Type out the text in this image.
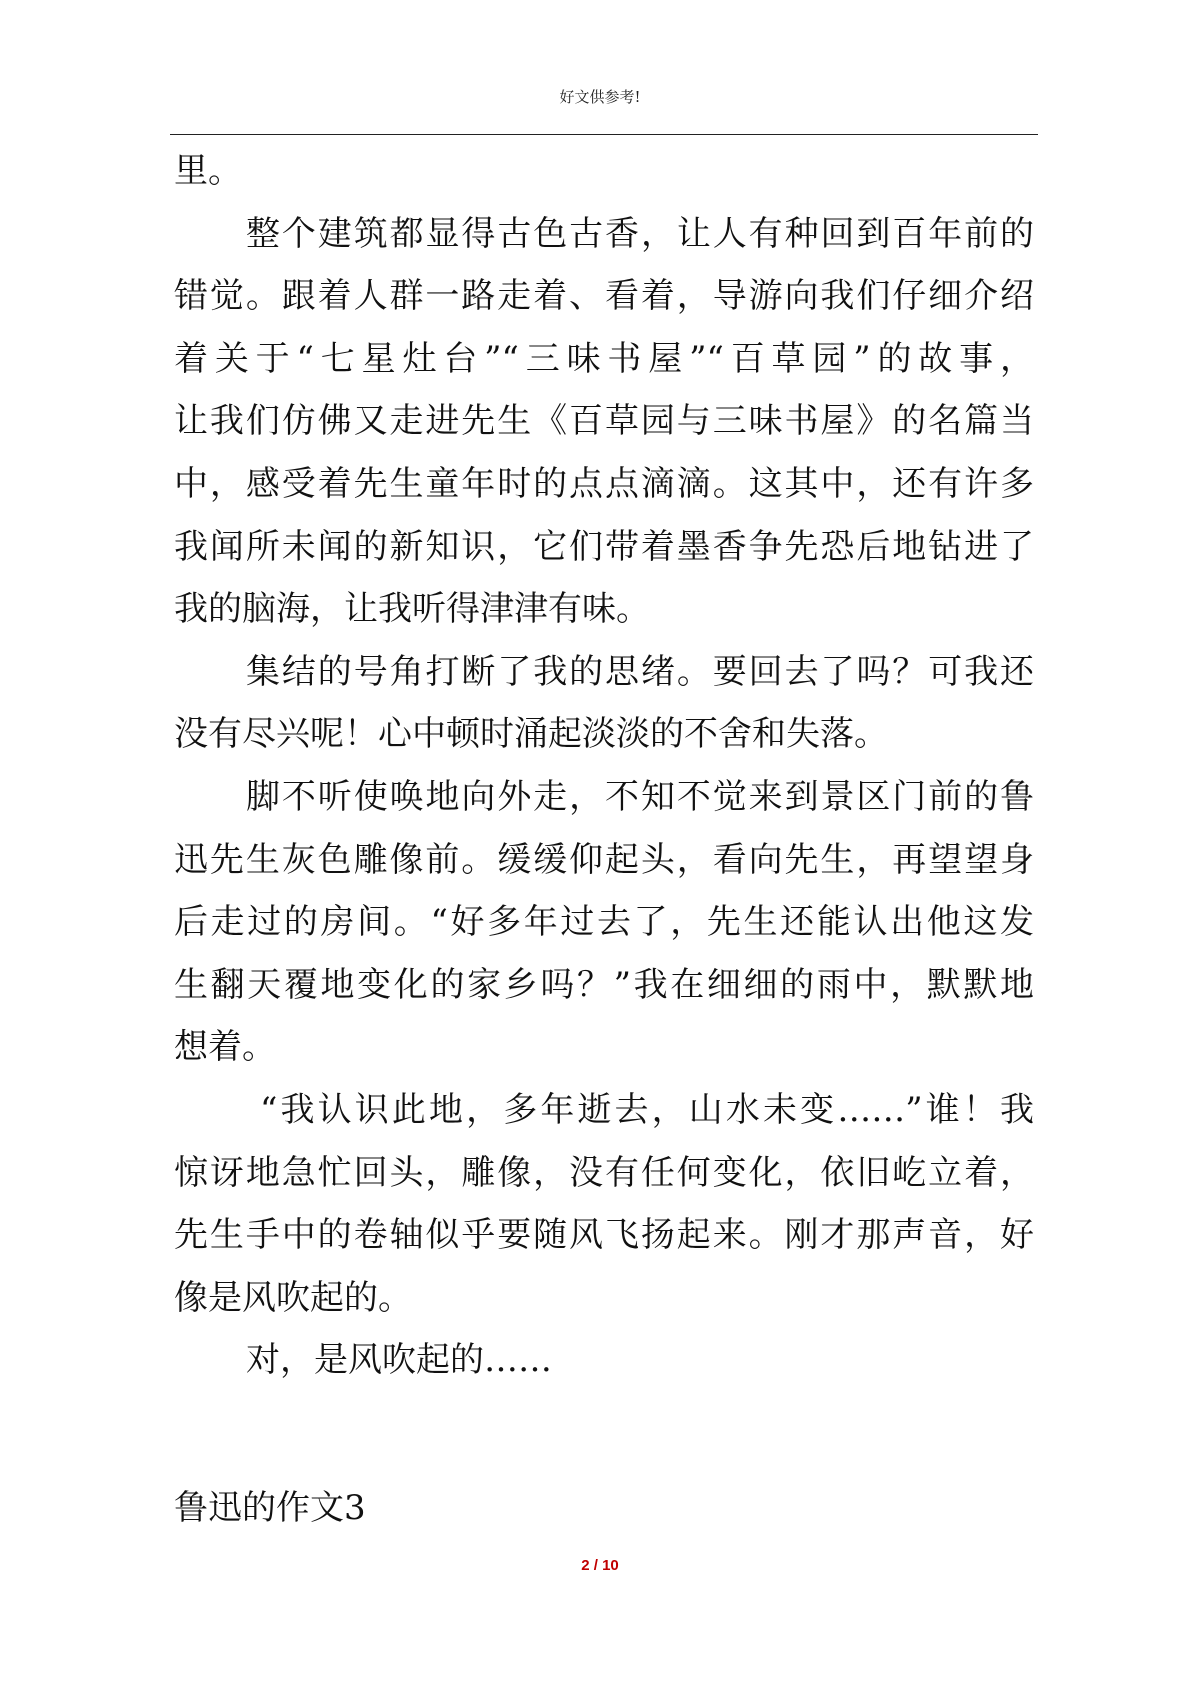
好文供参考!
里。
整个建筑都显得古色古香，让人有种回到百年前的
错觉。跟着人群一路走着、看着，导游向我们仔细介绍
着关于“七星灶台”“三味书屋”“百草园”的故事，
让我们仿佛又走进先生《百草园与三味书屋》的名篇当
中，感受着先生童年时的点点滴滴。这其中，还有许多
我闻所未闻的新知识，它们带着墨香争先恐后地钻进了
我的脑海，让我听得津津有味。
集结的号角打断了我的思绪。要回去了吗？可我还
没有尽兴呢！心中顿时涌起淡淡的不舍和失落。
脚不听使唤地向外走，不知不觉来到景区门前的鲁
迅先生灰色雕像前。缓缓仰起头，看向先生，再望望身
后走过的房间。“好多年过去了，先生还能认出他这发
生翻天覆地变化的家乡吗？”我在细细的雨中，默默地
想着。
“我认识此地，多年逝去，山水未变……”谁！我
惊讶地急忙回头，雕像，没有任何变化，依旧屹立着，
先生手中的卷轴似乎要随风飞扬起来。刚才那声音，好
像是风吹起的。
对，是风吹起的……
鲁迅的作文3
2 / 10
